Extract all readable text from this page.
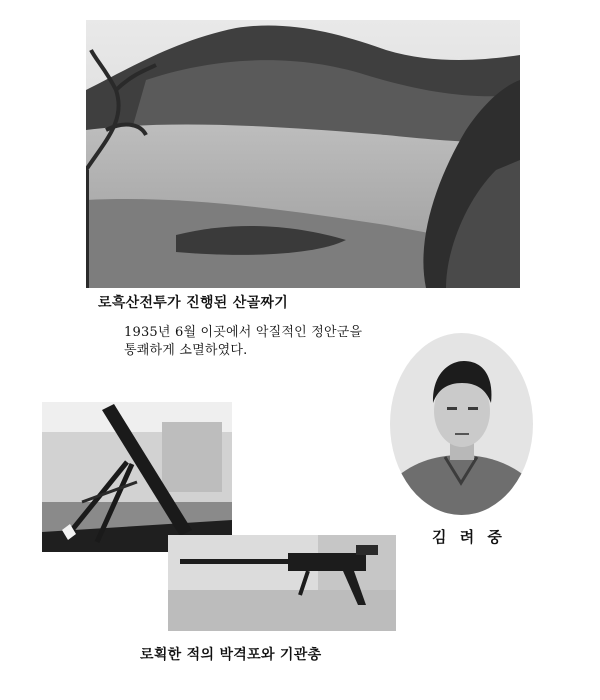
로흑산전투가 진행된 산골짜기
1935년 6월 이곳에서 악질적인 정안군을
통쾌하게 소멸하였다.
김 려 중
로획한 적의 박격포와 기관총
